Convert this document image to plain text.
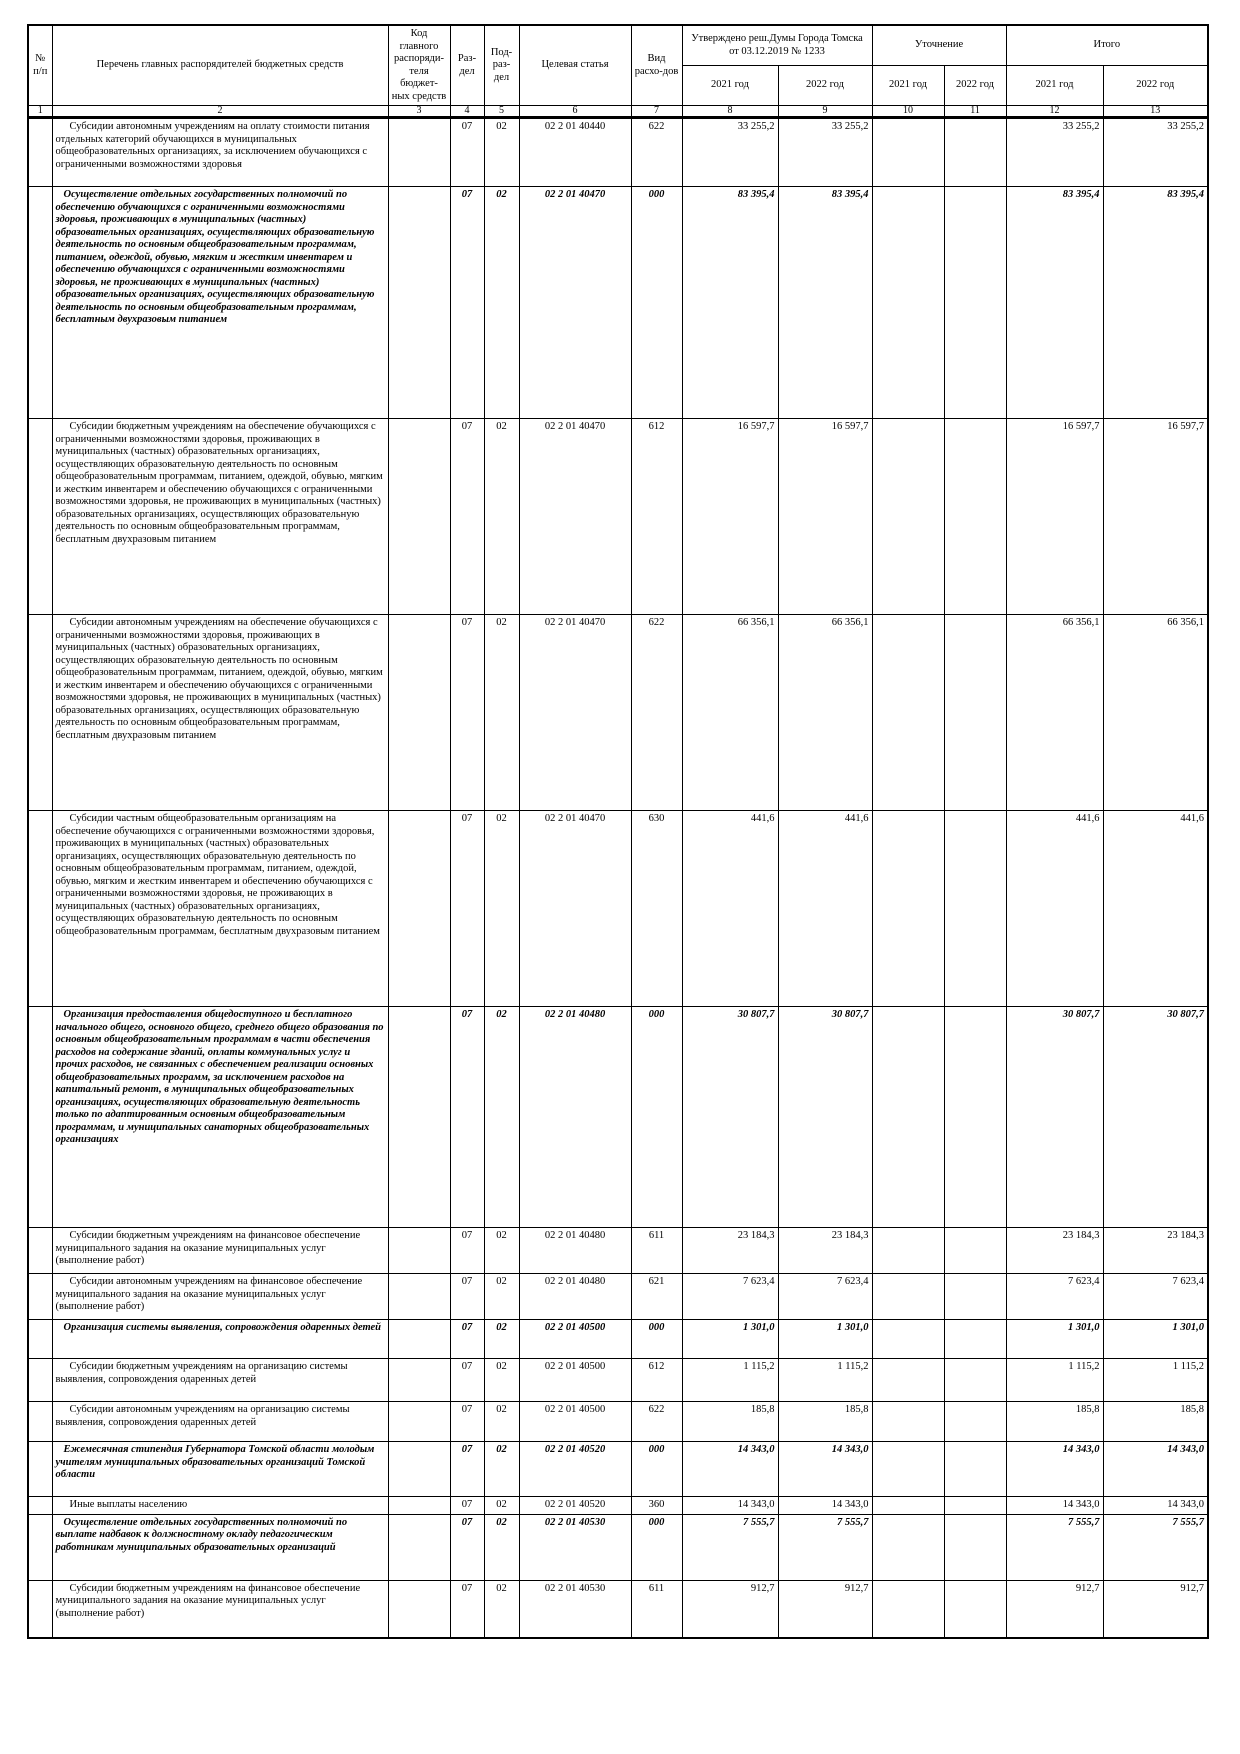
№ п/п	Перечень главных распорядителей бюджетных средств	Код главного распоряди-теля бюджет-ных средств	Раз-дел	Под-раз-дел	Целевая статья	Вид расхо-дов	Утверждено реш.Думы Города Томска от 03.12.2019 № 1233		Уточнение		Итого	
							2021 год	2022 год	2021 год	2022 год	2021 год	2022 год
1	2	3	4	5	6	7	8	9	10	11	12	13
	Субсидии автономным учреждениям на оплату стоимости питания отдельных категорий обучающихся в муниципальных общеобразовательных организациях, за исключением обучающихся с ограниченными возможностями здоровья		07	02	02 2 01 40440	622	33 255,2	33 255,2			33 255,2	33 255,2
	Осуществление отдельных государственных полномочий по обеспечению обучающихся с ограниченными возможностями здоровья, проживающих в муниципальных (частных) образовательных организациях, осуществляющих образовательную деятельность по основным общеобразовательным программам, питанием, одеждой, обувью, мягким и жестким инвентарем и обеспечению обучающихся с ограниченными возможностями здоровья, не проживающих в муниципальных (частных) образовательных организациях, осуществляющих образовательную деятельность по основным общеобразовательным программам, бесплатным двухразовым питанием		07	02	02 2 01 40470	000	83 395,4	83 395,4			83 395,4	83 395,4
	Субсидии бюджетным учреждениям на обеспечение обучающихся с ограниченными возможностями здоровья, проживающих в муниципальных (частных) образовательных организациях, осуществляющих образовательную деятельность по основным общеобразовательным программам, питанием, одеждой, обувью, мягким и жестким инвентарем и обеспечению обучающихся с ограниченными возможностями здоровья, не проживающих в муниципальных (частных) образовательных организациях, осуществляющих образовательную деятельность по основным общеобразовательным программам, бесплатным двухразовым питанием		07	02	02 2 01 40470	612	16 597,7	16 597,7			16 597,7	16 597,7
	Субсидии автономным учреждениям на обеспечение обучающихся с ограниченными возможностями здоровья, проживающих в муниципальных (частных) образовательных организациях, осуществляющих образовательную деятельность по основным общеобразовательным программам, питанием, одеждой, обувью, мягким и жестким инвентарем и обеспечению обучающихся с ограниченными возможностями здоровья, не проживающих в муниципальных (частных) образовательных организациях, осуществляющих образовательную деятельность по основным общеобразовательным программам, бесплатным двухразовым питанием		07	02	02 2 01 40470	622	66 356,1	66 356,1			66 356,1	66 356,1
	Субсидии частным общеобразовательным организациям на обеспечение обучающихся с ограниченными возможностями здоровья, проживающих в муниципальных (частных) образовательных организациях, осуществляющих образовательную деятельность по основным общеобразовательным программам, питанием, одеждой, обувью, мягким и жестким инвентарем и обеспечению обучающихся с ограниченными возможностями здоровья, не проживающих в муниципальных (частных) образовательных организациях, осуществляющих образовательную деятельность по основным общеобразовательным программам, бесплатным двухразовым питанием		07	02	02 2 01 40470	630	441,6	441,6			441,6	441,6
	Организация предоставления общедоступного и бесплатного начального общего, основного общего, среднего общего образования по основным общеобразовательным программам в части обеспечения расходов на содержание зданий, оплаты коммунальных услуг и прочих расходов, не связанных с обеспечением реализации основных общеобразовательных программ, за исключением расходов на капитальный ремонт, в муниципальных общеобразовательных организациях, осуществляющих образовательную деятельность только по адаптированным основным общеобразовательным программам, и муниципальных санаторных общеобразовательных организациях		07	02	02 2 01 40480	000	30 807,7	30 807,7			30 807,7	30 807,7
	Субсидии бюджетным учреждениям на финансовое обеспечение муниципального задания на оказание муниципальных услуг (выполнение работ)		07	02	02 2 01 40480	611	23 184,3	23 184,3			23 184,3	23 184,3
	Субсидии автономным учреждениям на финансовое обеспечение муниципального задания на оказание муниципальных услуг (выполнение работ)		07	02	02 2 01 40480	621	7 623,4	7 623,4			7 623,4	7 623,4
	Организация системы выявления, сопровождения одаренных детей		07	02	02 2 01 40500	000	1 301,0	1 301,0			1 301,0	1 301,0
	Субсидии бюджетным учреждениям на организацию системы выявления, сопровождения одаренных детей		07	02	02 2 01 40500	612	1 115,2	1 115,2			1 115,2	1 115,2
	Субсидии автономным учреждениям на организацию системы выявления, сопровождения одаренных детей		07	02	02 2 01 40500	622	185,8	185,8			185,8	185,8
	Ежемесячная стипендия Губернатора Томской области молодым учителям муниципальных образовательных организаций Томской области		07	02	02 2 01 40520	000	14 343,0	14 343,0			14 343,0	14 343,0
	Иные выплаты населению		07	02	02 2 01 40520	360	14 343,0	14 343,0			14 343,0	14 343,0
	Осуществление отдельных государственных полномочий по выплате надбавок к должностному окладу педагогическим работникам муниципальных образовательных организаций		07	02	02 2 01 40530	000	7 555,7	7 555,7			7 555,7	7 555,7
	Субсидии бюджетным учреждениям на финансовое обеспечение муниципального задания на оказание муниципальных услуг (выполнение работ)		07	02	02 2 01 40530	611	912,7	912,7			912,7	912,7
